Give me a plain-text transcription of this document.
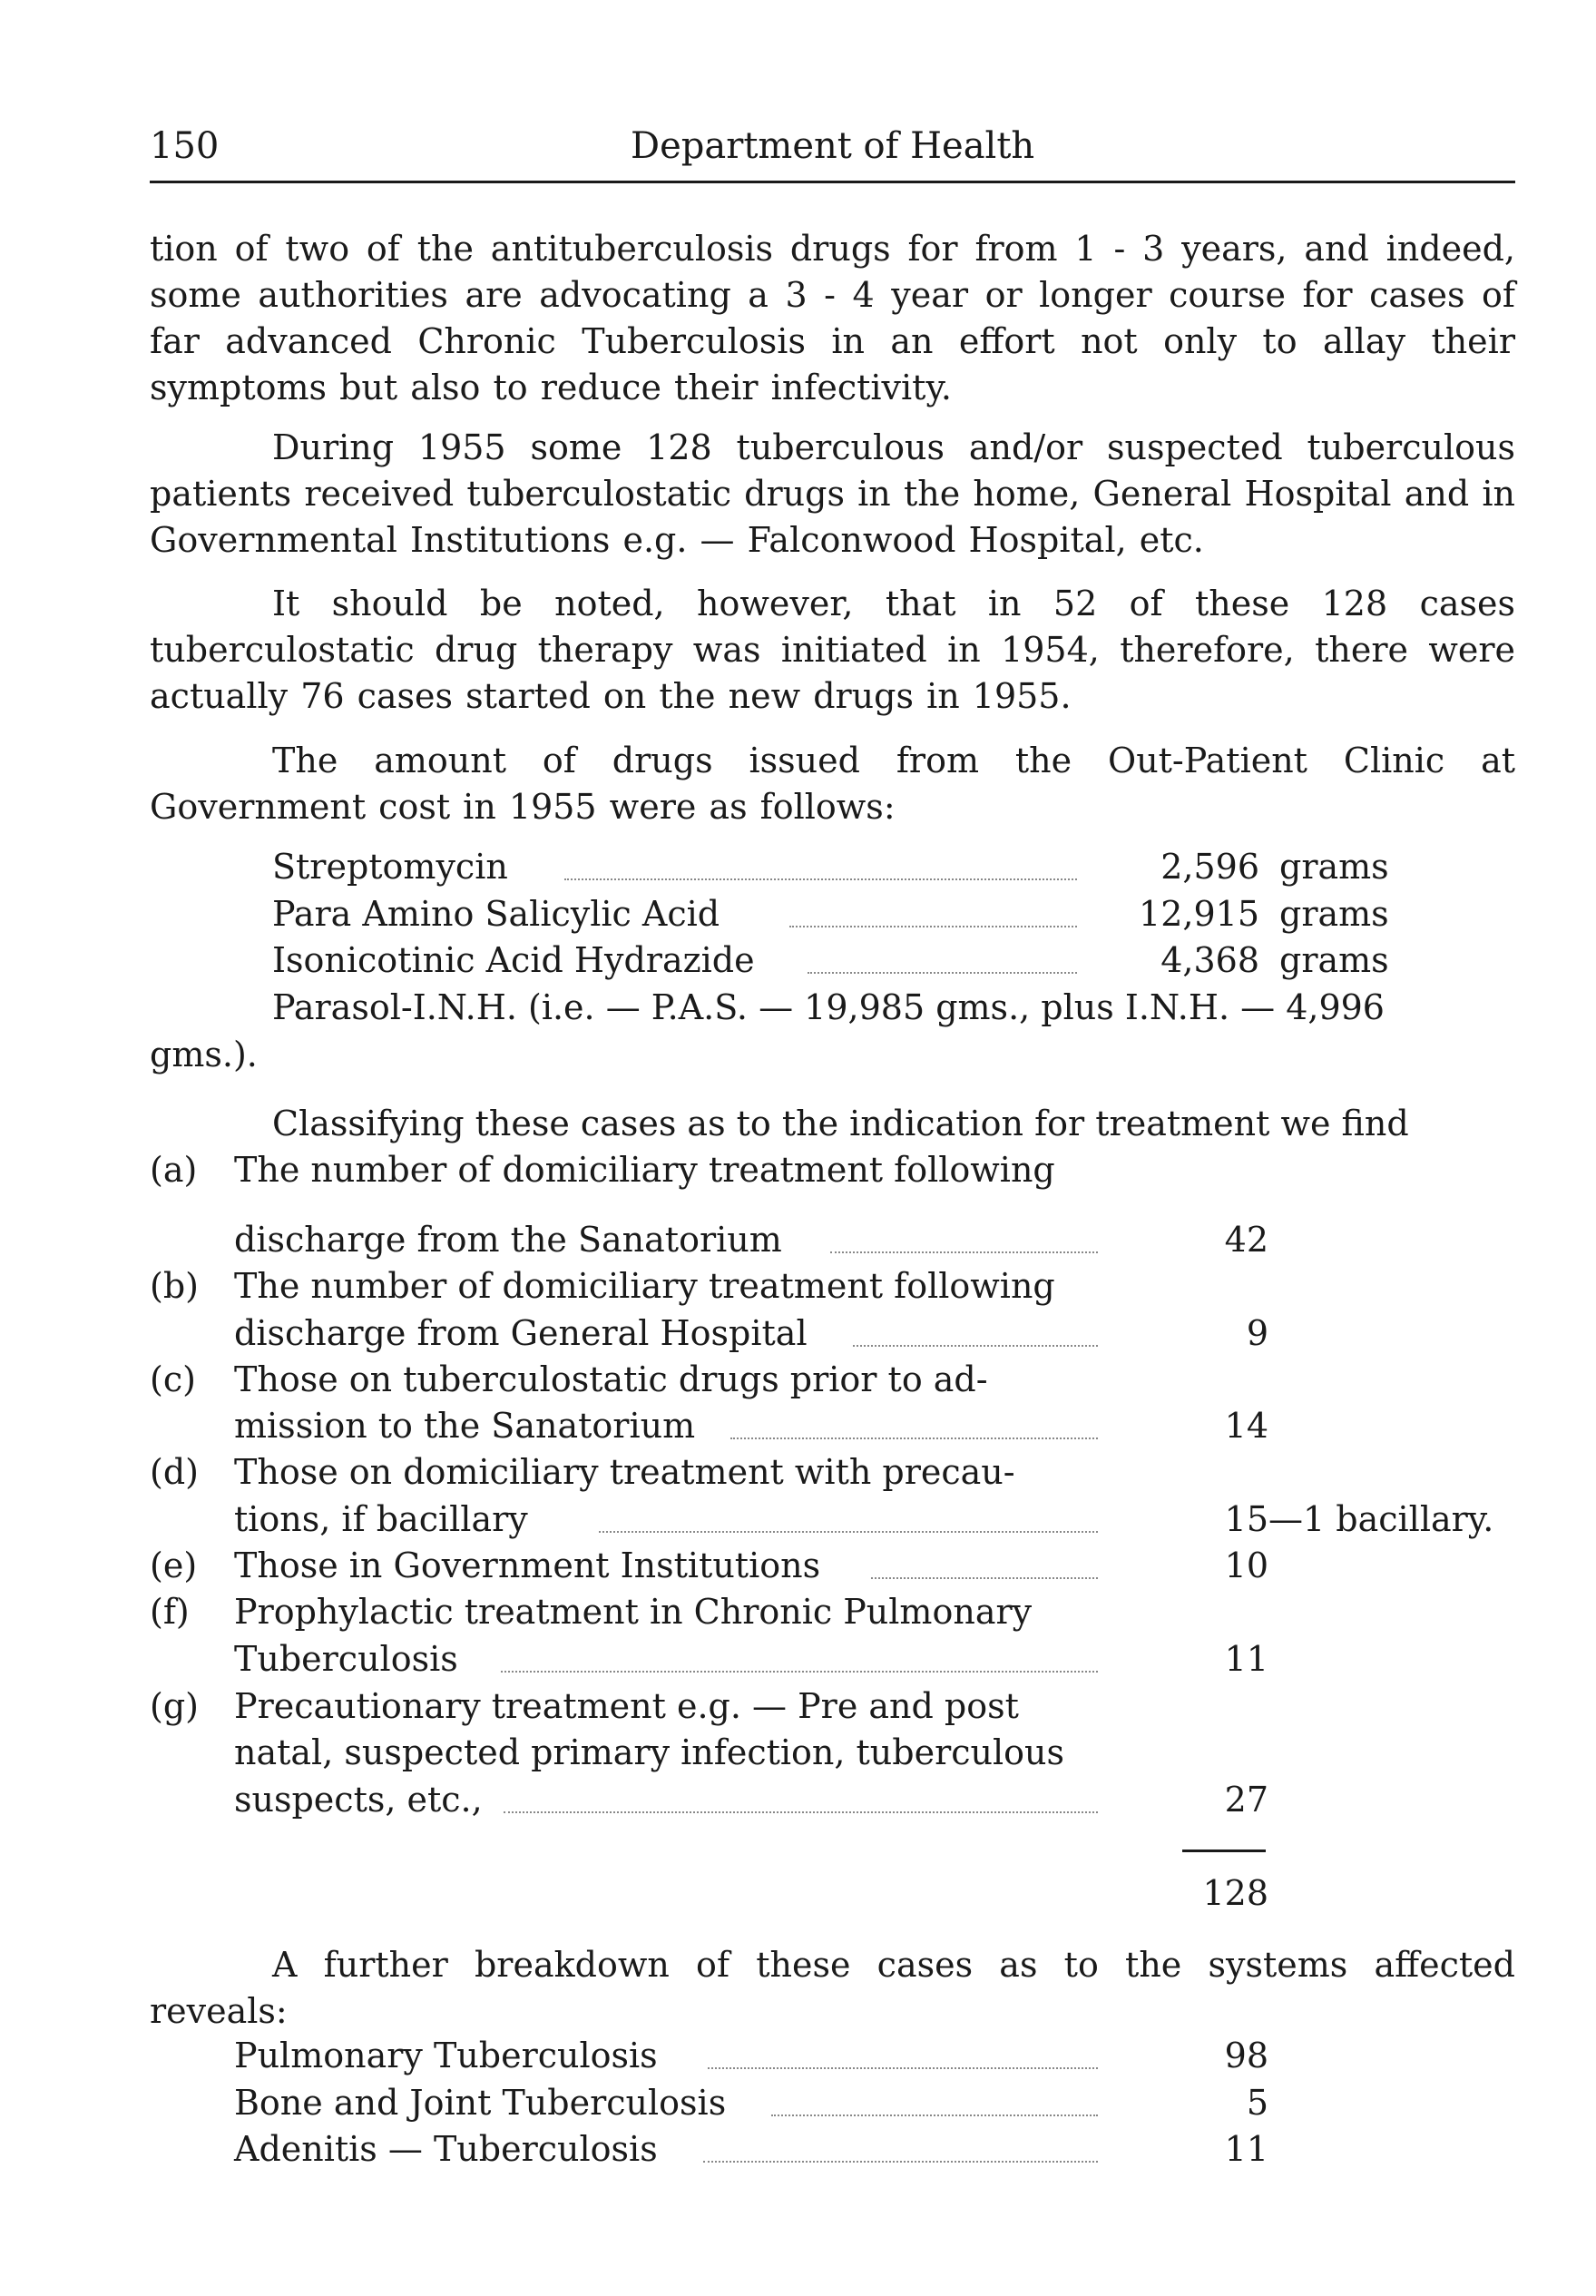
150	Department of Health
tion of two of the antituberculosis drugs for from 1 - 3 years, and indeed, some authorities are advocating a 3 - 4 year or longer course for cases of far advanced Chronic Tuberculosis in an effort not only to allay their symptoms but also to reduce their infectivity.
During 1955 some 128 tuberculous and/or suspected tuberculous patients received tuberculostatic drugs in the home, General Hospital and in Governmental Institutions e.g. — Falconwood Hospital, etc.
It should be noted, however, that in 52 of these 128 cases tuberculostatic drug therapy was initiated in 1954, therefore, there were actually 76 cases started on the new drugs in 1955.
The amount of drugs issued from the Out-Patient Clinic at Government cost in 1955 were as follows:
Streptomycin	2,596 grams
Para Amino Salicylic Acid	12,915 grams
Isonicotinic Acid Hydrazide	4,368 grams
Parasol-I.N.H. (i.e. — P.A.S. — 19,985 gms., plus I.N.H. — 4,996
gms.).
Classifying these cases as to the indication for treatment we find
(a) The number of domiciliary treatment following
discharge from the Sanatorium	42
(b) The number of domiciliary treatment following
discharge from General Hospital	9
(c) Those on tuberculostatic drugs prior to ad-
mission to the Sanatorium	14
(d) Those on domiciliary treatment with precau-
tions, if bacillary	15 —1 bacillary.
(e) Those in Government Institutions	10
(f) Prophylactic treatment in Chronic Pulmonary
Tuberculosis	11
(g) Precautionary treatment e.g. — Pre and post
natal, suspected primary infection, tuberculous
suspects, etc.,	27
128
A further breakdown of these cases as to the systems affected reveals:
Pulmonary Tuberculosis	98
Bone and Joint Tuberculosis	5
Adenitis — Tuberculosis	11
